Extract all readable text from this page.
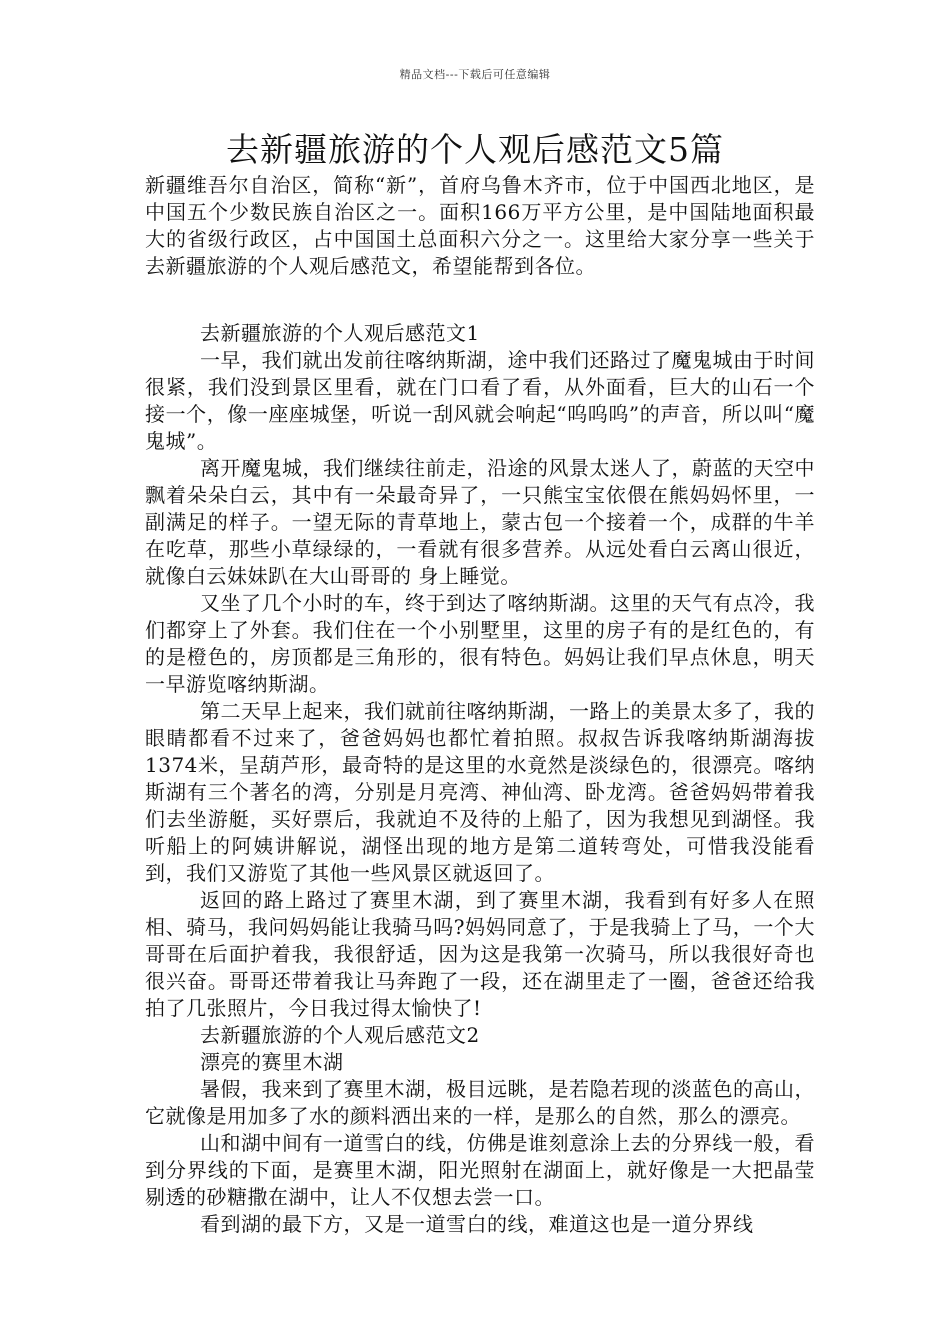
精品文档---下载后可任意编辑
去新疆旅游的个人观后感范文5篇

新疆维吾尔自治区，简称“新”，首府乌鲁木齐市，位于中国西北地区，是中国五个少数民族自治区之一。面积166万平方公里，是中国陆地面积最大的省级行政区，占中国国土总面积六分之一。这里给大家分享一些关于去新疆旅游的个人观后感范文，希望能帮到各位。

去新疆旅游的个人观后感范文1

一早，我们就出发前往喀纳斯湖，途中我们还路过了魔鬼城由于时间很紧，我们没到景区里看，就在门口看了看，从外面看，巨大的山石一个接一个，像一座座城堡，听说一刮风就会响起“呜呜呜”的声音，所以叫“魔鬼城”。

离开魔鬼城，我们继续往前走，沿途的风景太迷人了，蔚蓝的天空中飘着朵朵白云，其中有一朵最奇异了，一只熊宝宝依偎在熊妈妈怀里，一副满足的样子。一望无际的青草地上，蒙古包一个接着一个，成群的牛羊在吃草，那些小草绿绿的，一看就有很多营养。从远处看白云离山很近，就像白云妹妹趴在大山哥哥的 身上睡觉。

又坐了几个小时的车，终于到达了喀纳斯湖。这里的天气有点冷，我们都穿上了外套。我们住在一个小别墅里，这里的房子有的是红色的，有的是橙色的，房顶都是三角形的，很有特色。妈妈让我们早点休息，明天一早游览喀纳斯湖。

第二天早上起来，我们就前往喀纳斯湖，一路上的美景太多了，我的眼睛都看不过来了，爸爸妈妈也都忙着拍照。叔叔告诉我喀纳斯湖海拔1374米，呈葫芦形，最奇特的是这里的水竟然是淡绿色的，很漂亮。喀纳斯湖有三个著名的湾，分别是月亮湾、神仙湾、卧龙湾。爸爸妈妈带着我们去坐游艇，买好票后，我就迫不及待的上船了，因为我想见到湖怪。我听船上的阿姨讲解说，湖怪出现的地方是第二道转弯处，可惜我没能看到，我们又游览了其他一些风景区就返回了。

返回的路上路过了赛里木湖，到了赛里木湖，我看到有好多人在照相、骑马，我问妈妈能让我骑马吗?妈妈同意了，于是我骑上了马，一个大哥哥在后面护着我，我很舒适，因为这是我第一次骑马，所以我很好奇也很兴奋。哥哥还带着我让马奔跑了一段，还在湖里走了一圈，爸爸还给我拍了几张照片，今日我过得太愉快了!

去新疆旅游的个人观后感范文2

漂亮的赛里木湖

暑假，我来到了赛里木湖，极目远眺，是若隐若现的淡蓝色的高山，它就像是用加多了水的颜料洒出来的一样，是那么的自然，那么的漂亮。

山和湖中间有一道雪白的线，仿佛是谁刻意涂上去的分界线一般，看到分界线的下面，是赛里木湖，阳光照射在湖面上，就好像是一大把晶莹剔透的砂糖撒在湖中，让人不仅想去尝一口。

看到湖的最下方，又是一道雪白的线，难道这也是一道分界线
